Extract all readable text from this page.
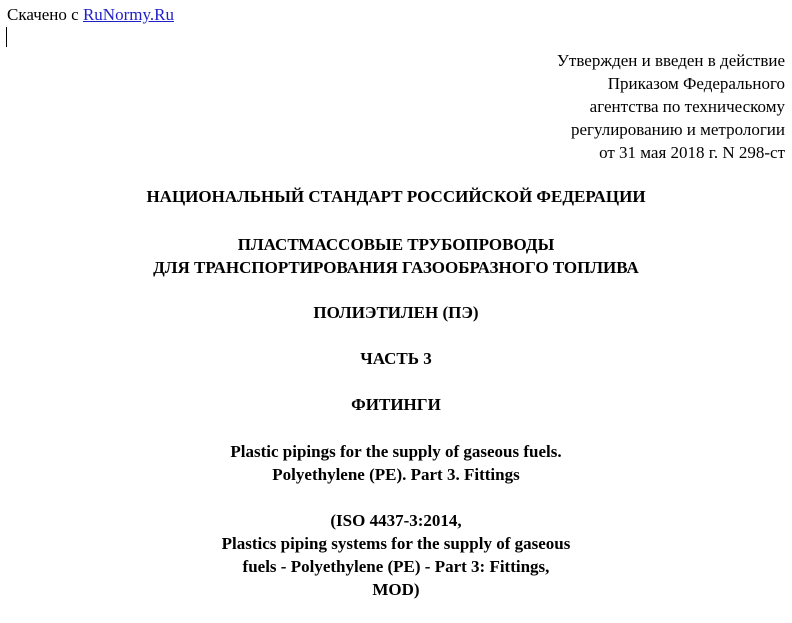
Скачено с RuNormy.Ru
Утвержден и введен в действие
Приказом Федерального
агентства по техническому
регулированию и метрологии
от 31 мая 2018 г. N 298-ст
НАЦИОНАЛЬНЫЙ СТАНДАРТ РОССИЙСКОЙ ФЕДЕРАЦИИ
ПЛАСТМАССОВЫЕ ТРУБОПРОВОДЫ
ДЛЯ ТРАНСПОРТИРОВАНИЯ ГАЗООБРАЗНОГО ТОПЛИВА
ПОЛИЭТИЛЕН (ПЭ)
ЧАСТЬ 3
ФИТИНГИ
Plastic pipings for the supply of gaseous fuels.
Polyethylene (PE). Part 3. Fittings
(ISO 4437-3:2014,
Plastics piping systems for the supply of gaseous
fuels - Polyethylene (PE) - Part 3: Fittings,
MOD)
